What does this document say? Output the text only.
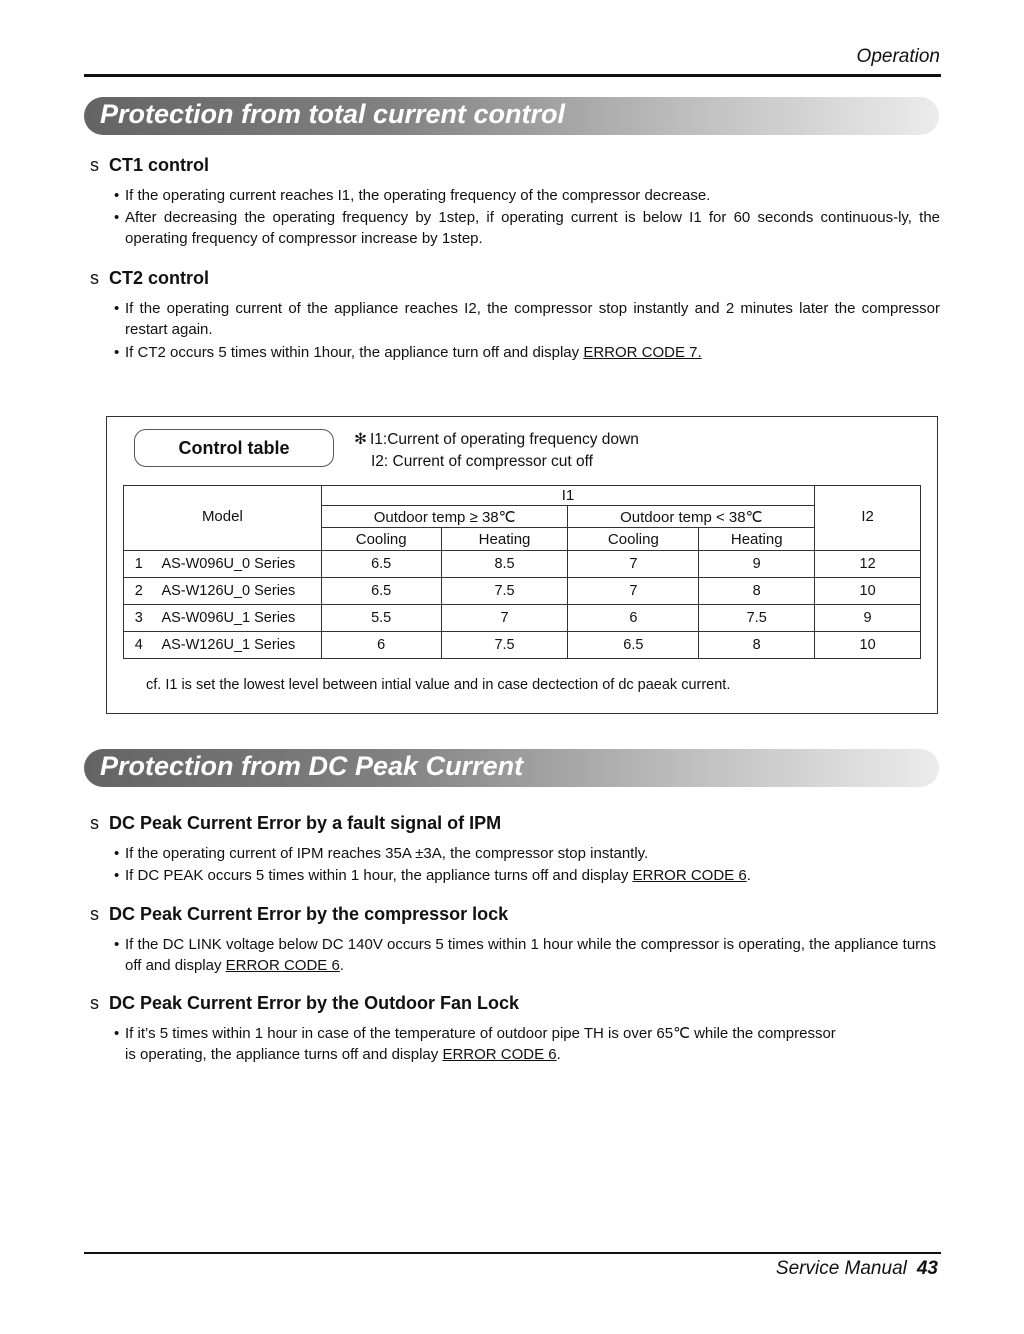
Operation
Protection from total current control
s CT1 control
• If the operating current reaches I1, the operating frequency of the compressor decrease.
• After decreasing the operating frequency by 1step, if operating current is below I1 for 60 seconds continuous-ly, the operating frequency of compressor increase by 1step.
s CT2 control
• If the operating current of the appliance reaches I2, the compressor stop instantly and 2 minutes later the compressor restart again.
• If CT2 occurs 5 times within 1hour, the appliance turn off and display ERROR CODE 7.
Control table	✻ I1:Current of operating frequency down
I2: Current of compressor cut off
		I1				
Model		Outdoor temp ≥ 38℃		Outdoor temp < 38℃		I2
		Cooling	Heating	Cooling	Heating	
1	AS-W096U_0 Series	6.5	8.5	7	9	12
2	AS-W126U_0 Series	6.5	7.5	7	8	10
3	AS-W096U_1 Series	5.5	7	6	7.5	9
4	AS-W126U_1 Series	6	7.5	6.5	8	10
cf. I1 is set the lowest level between intial value and in case dectection of dc paeak current.
Protection from DC Peak Current
s DC Peak Current Error by a fault signal of IPM
• If the operating current of IPM reaches 35A ±3A, the compressor stop instantly.
• If DC PEAK occurs 5 times within 1 hour, the appliance turns off and display ERROR CODE 6.
s DC Peak Current Error by the compressor lock
• If the DC LINK voltage below DC 140V occurs 5 times within 1 hour while the compressor is operating, the appliance turns off and display ERROR CODE 6.
s DC Peak Current Error by the Outdoor Fan Lock
• If it’s 5 times within 1 hour in case of the temperature of outdoor pipe TH is over 65℃ while the compressor
is operating, the appliance turns off and display ERROR CODE 6.
Service Manual 43
